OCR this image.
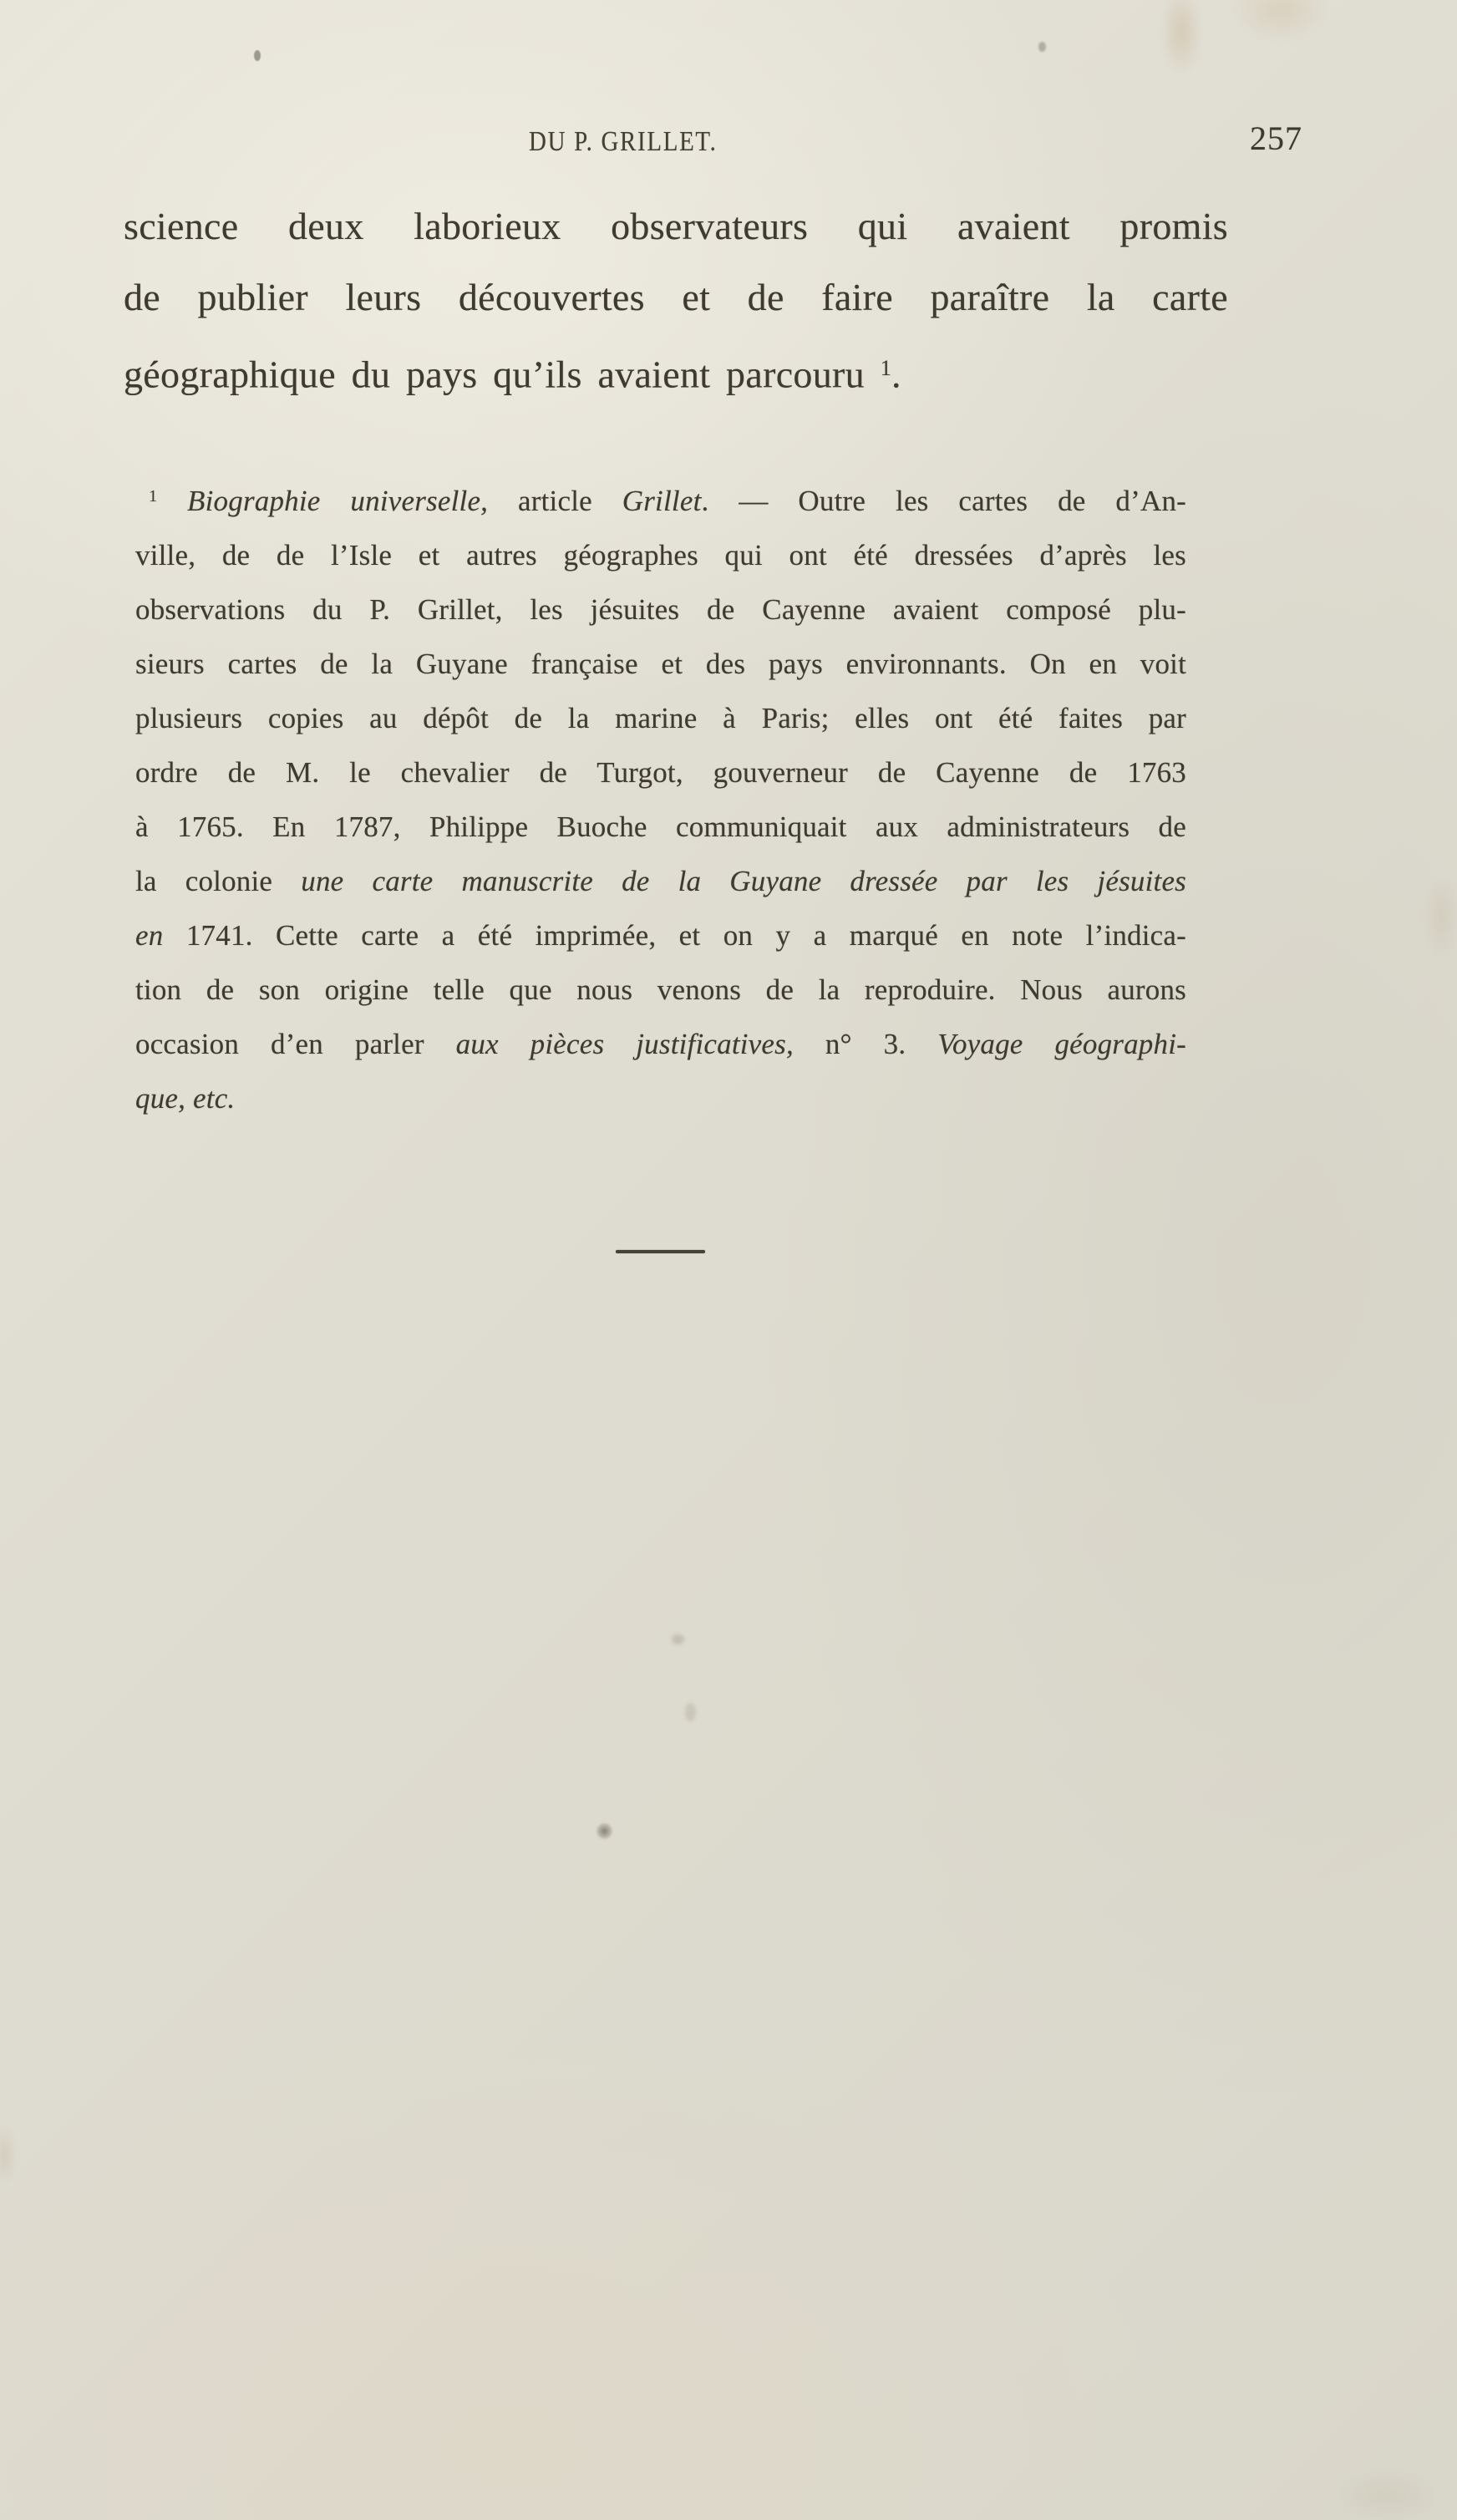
DU P. GRILLET.	257
science deux laborieux observateurs qui avaient promis
de publier leurs découvertes et de faire paraître la carte
géographique du pays qu’ils avaient parcouru $^1$.
$^1$ Biographie universelle, article Grillet. — Outre les cartes de d’An-
ville, de de l’Isle et autres géographes qui ont été dressées d’après les
observations du P. Grillet, les jésuites de Cayenne avaient composé plu-
sieurs cartes de la Guyane française et des pays environnants. On en voit
plusieurs copies au dépôt de la marine à Paris; elles ont été faites par
ordre de M. le chevalier de Turgot, gouverneur de Cayenne de 1763
à 1765. En 1787, Philippe Buoche communiquait aux administrateurs de
la colonie une carte manuscrite de la Guyane dressée par les jésuites
en 1741. Cette carte a été imprimée, et on y a marqué en note l’indica-
tion de son origine telle que nous venons de la reproduire. Nous aurons
occasion d’en parler aux pièces justificatives, n° 3. Voyage géographi-
que, etc.
